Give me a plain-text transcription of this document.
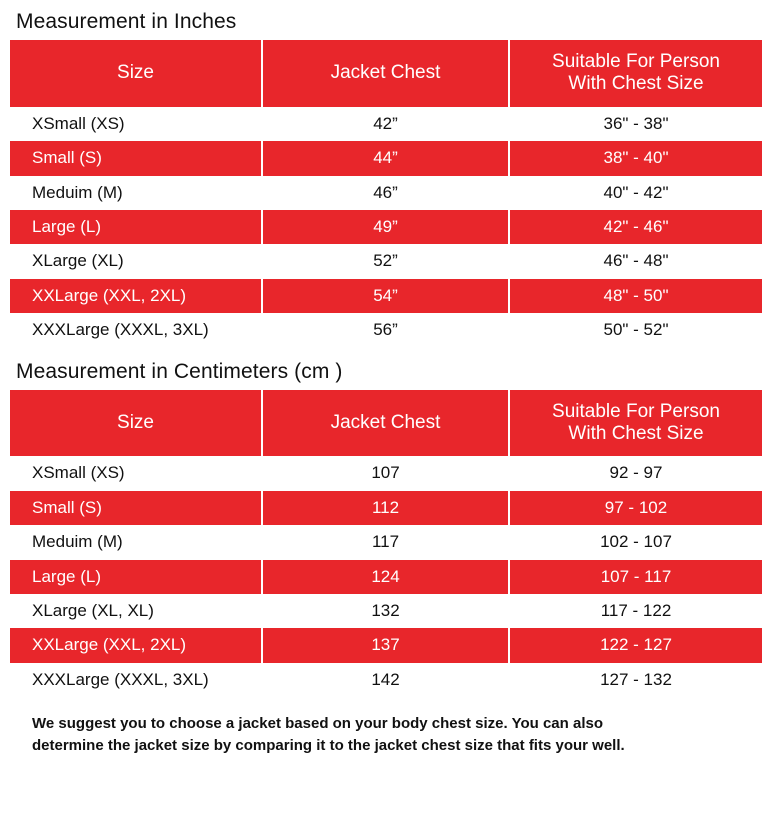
Measurement in Inches
Size	Jacket Chest	Suitable For Person
With Chest Size
XSmall (XS)	42”	36" - 38"
Small (S)	44”	38" - 40"
Meduim (M)	46”	40" - 42"
Large (L)	49”	42" - 46"
XLarge (XL)	52”	46" - 48"
XXLarge (XXL, 2XL)	54”	48" - 50"
XXXLarge (XXXL, 3XL)	56”	50" - 52"
Measurement in Centimeters (cm )
Size	Jacket Chest	Suitable For Person
With Chest Size
XSmall (XS)	107	92 - 97
Small (S)	112	97 - 102
Meduim (M)	117	102 - 107
Large (L)	124	107 - 117
XLarge (XL, XL)	132	117 - 122
XXLarge (XXL, 2XL)	137	122 - 127
XXXLarge (XXXL, 3XL)	142	127 - 132
We suggest you to choose a jacket based on your body chest size. You can also
determine the jacket size by comparing it to the jacket chest size that fits your well.
